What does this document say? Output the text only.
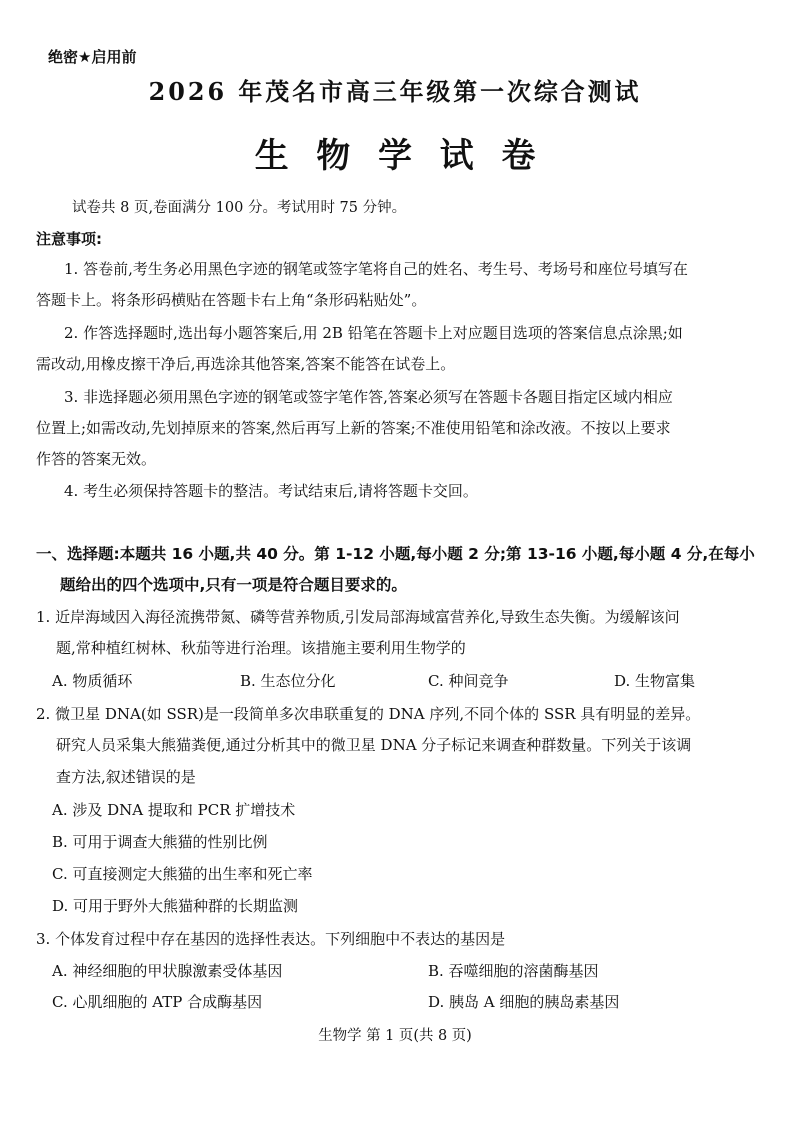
绝密★启用前
2026 年茂名市高三年级第一次综合测试
生物学试卷
试卷共 8 页,卷面满分 100 分。考试用时 75 分钟。
注意事项:
1. 答卷前,考生务必用黑色字迹的钢笔或签字笔将自己的姓名、考生号、考场号和座位号填写在
答题卡上。将条形码横贴在答题卡右上角“条形码粘贴处”。
2. 作答选择题时,选出每小题答案后,用 2B 铅笔在答题卡上对应题目选项的答案信息点涂黑;如
需改动,用橡皮擦干净后,再选涂其他答案,答案不能答在试卷上。
3. 非选择题必须用黑色字迹的钢笔或签字笔作答,答案必须写在答题卡各题目指定区域内相应
位置上;如需改动,先划掉原来的答案,然后再写上新的答案;不准使用铅笔和涂改液。不按以上要求
作答的答案无效。
4. 考生必须保持答题卡的整洁。考试结束后,请将答题卡交回。
一、选择题:本题共 16 小题,共 40 分。第 1-12 小题,每小题 2 分;第 13-16 小题,每小题 4 分,在每小
题给出的四个选项中,只有一项是符合题目要求的。
1. 近岸海域因入海径流携带氮、磷等营养物质,引发局部海域富营养化,导致生态失衡。为缓解该问
题,常种植红树林、秋茄等进行治理。该措施主要利用生物学的
A. 物质循环	B. 生态位分化	C. 种间竞争	D. 生物富集
2. 微卫星 DNA(如 SSR)是一段简单多次串联重复的 DNA 序列,不同个体的 SSR 具有明显的差异。
研究人员采集大熊猫粪便,通过分析其中的微卫星 DNA 分子标记来调查种群数量。下列关于该调
查方法,叙述错误的是
A. 涉及 DNA 提取和 PCR 扩增技术
B. 可用于调查大熊猫的性别比例
C. 可直接测定大熊猫的出生率和死亡率
D. 可用于野外大熊猫种群的长期监测
3. 个体发育过程中存在基因的选择性表达。下列细胞中不表达的基因是
A. 神经细胞的甲状腺激素受体基因	B. 吞噬细胞的溶菌酶基因
C. 心肌细胞的 ATP 合成酶基因	D. 胰岛 A 细胞的胰岛素基因
生物学 第 1 页(共 8 页)
